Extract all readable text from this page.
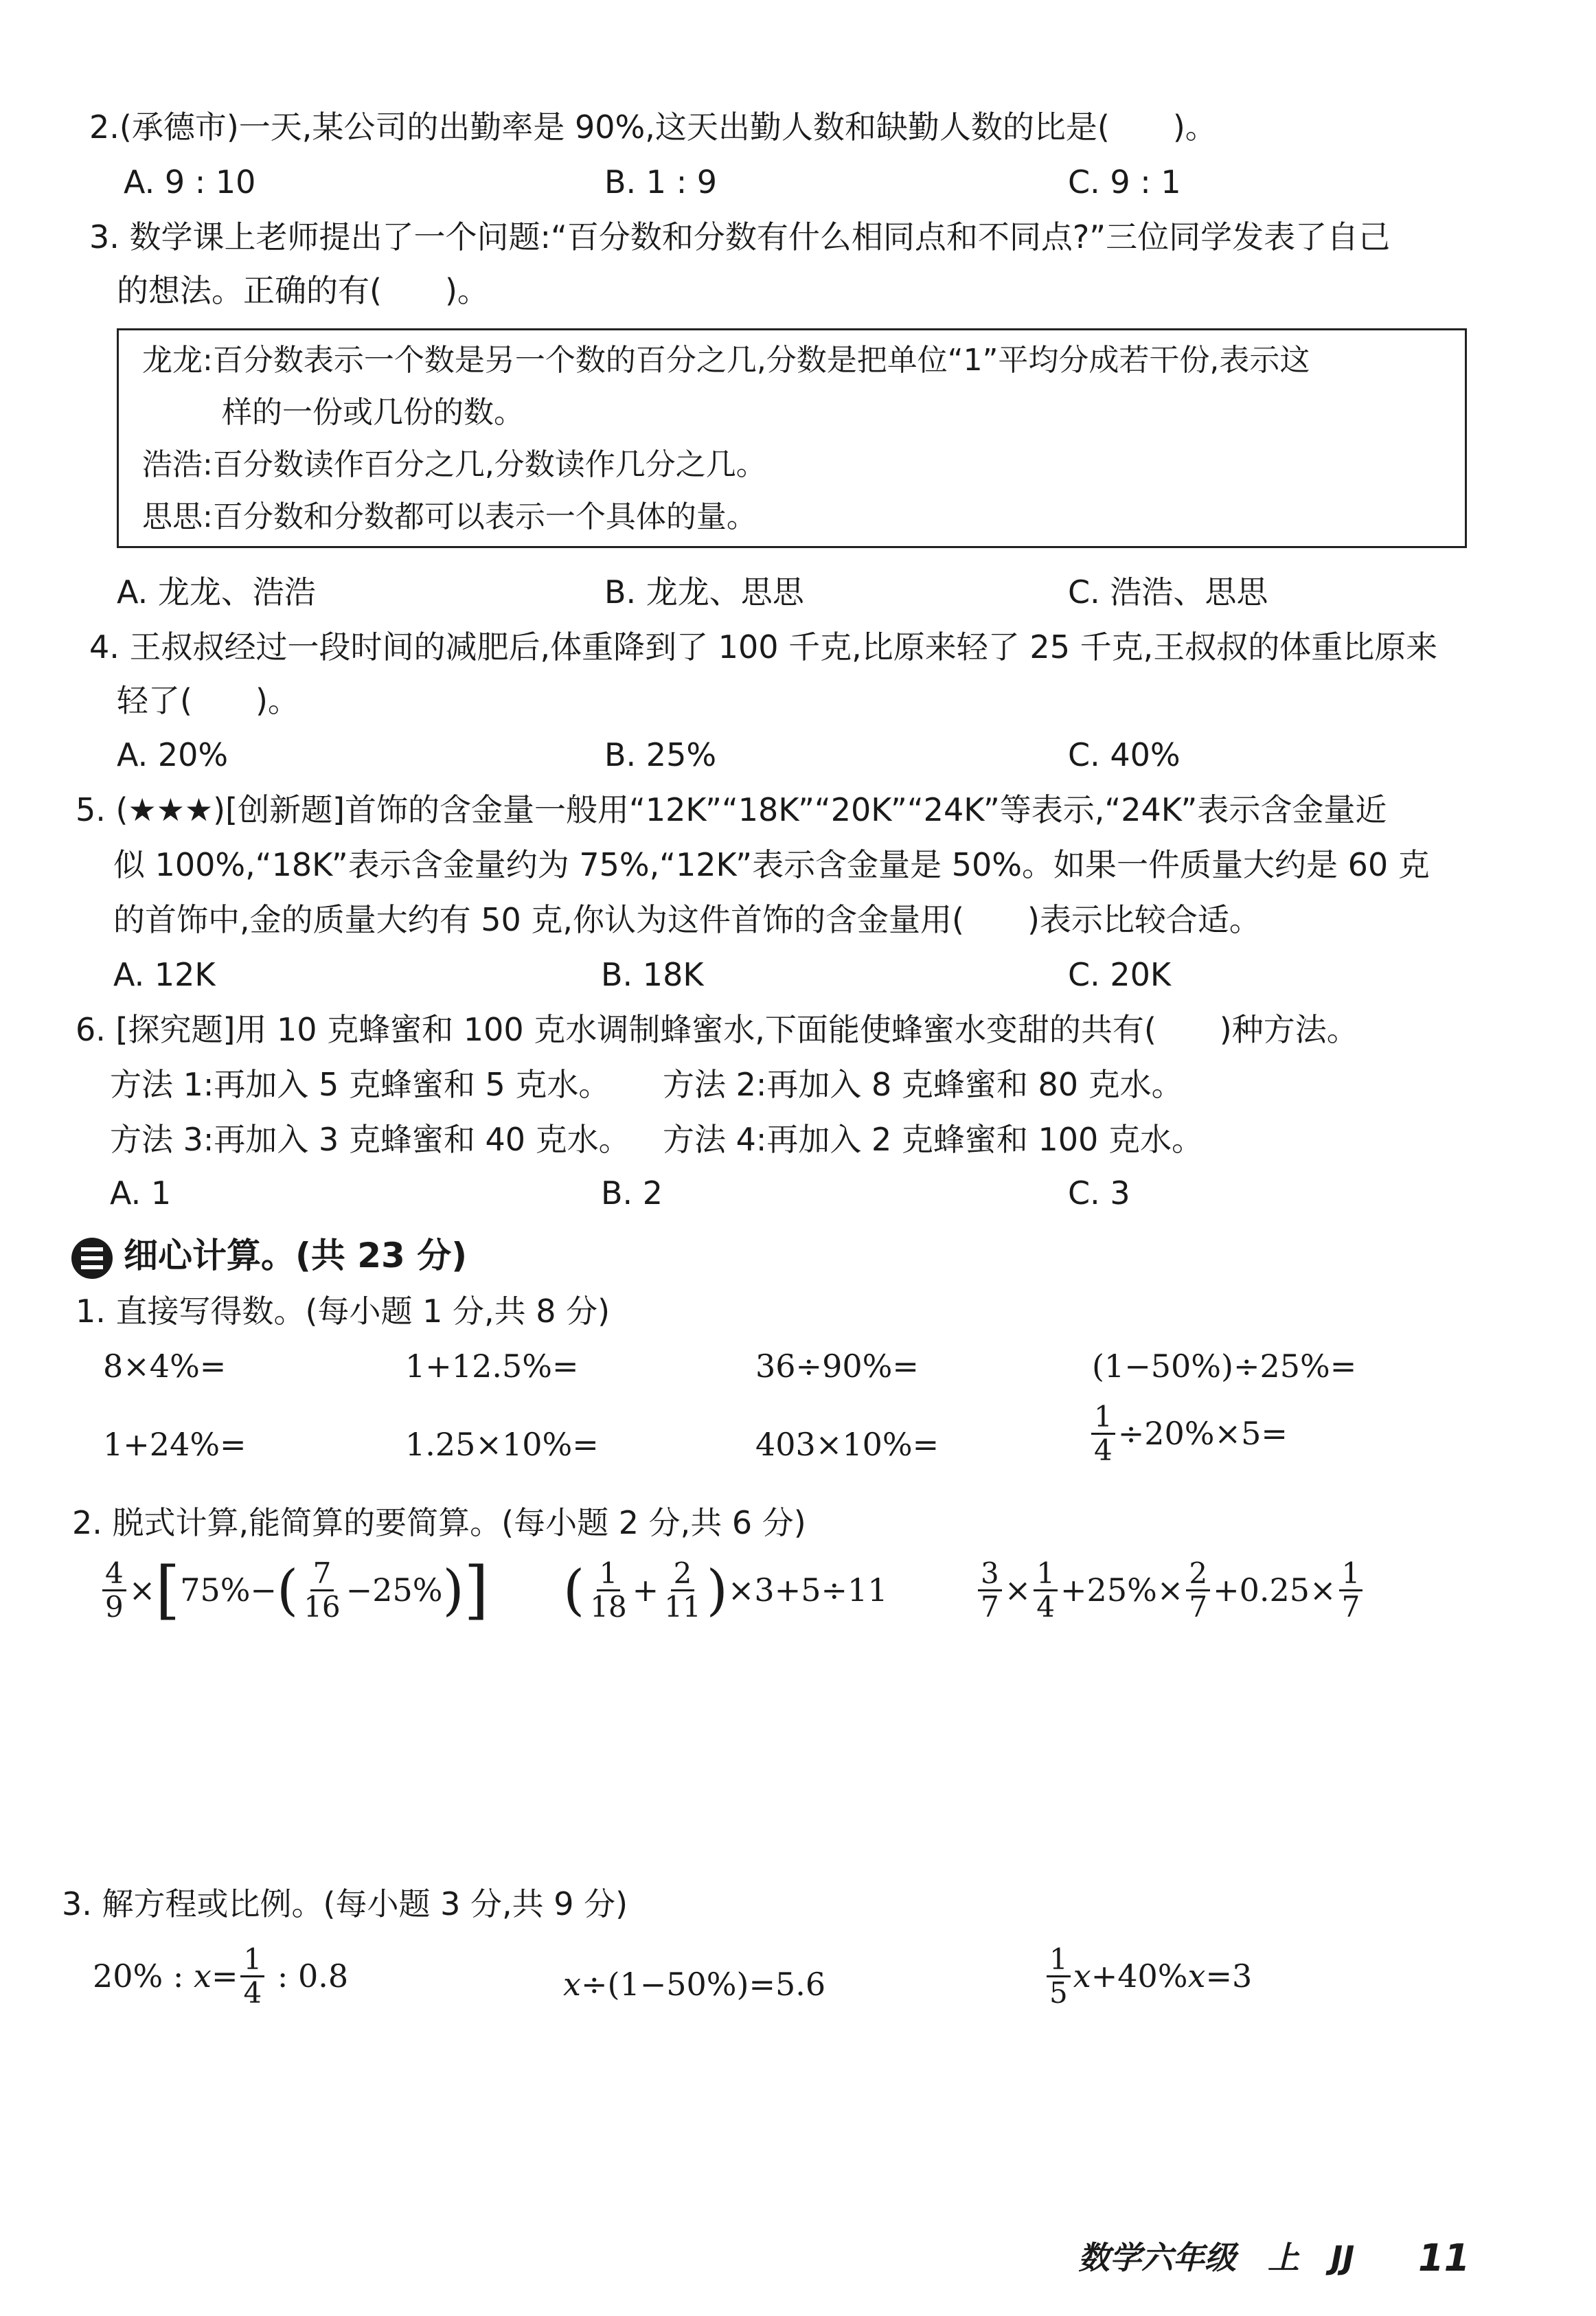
2.(承德市)一天,某公司的出勤率是 90%,这天出勤人数和缺勤人数的比是(　　)。
A. 9 : 10	B. 1 : 9	C. 9 : 1
3. 数学课上老师提出了一个问题:“百分数和分数有什么相同点和不同点?”三位同学发表了自己
的想法。正确的有(　　)。
龙龙:百分数表示一个数是另一个数的百分之几,分数是把单位“1”平均分成若干份,表示这
样的一份或几份的数。
浩浩:百分数读作百分之几,分数读作几分之几。
思思:百分数和分数都可以表示一个具体的量。
A. 龙龙、浩浩	B. 龙龙、思思	C. 浩浩、思思
4. 王叔叔经过一段时间的减肥后,体重降到了 100 千克,比原来轻了 25 千克,王叔叔的体重比原来
轻了(　　)。
A. 20%	B. 25%	C. 40%
5. (★★★)[创新题]首饰的含金量一般用“12K”“18K”“20K”“24K”等表示,“24K”表示含金量近
似 100%,“18K”表示含金量约为 75%,“12K”表示含金量是 50%。如果一件质量大约是 60 克
的首饰中,金的质量大约有 50 克,你认为这件首饰的含金量用(　　)表示比较合适。
A. 12K	B. 18K	C. 20K
6. [探究题]用 10 克蜂蜜和 100 克水调制蜂蜜水,下面能使蜂蜜水变甜的共有(　　)种方法。
方法 1:再加入 5 克蜂蜜和 5 克水。 方法 2:再加入 8 克蜂蜜和 80 克水。
方法 3:再加入 3 克蜂蜜和 40 克水。 方法 4:再加入 2 克蜂蜜和 100 克水。
A. 1	B. 2	C. 3
细心计算。(共 23 分)
1. 直接写得数。(每小题 1 分,共 8 分)
8×4%=	1+12.5%=	36÷90%=	(1−50%)÷25%=
1+24%=	1.25×10%=	403×10%=	$\frac{1}{4} \div 20\%\times 5=$
2. 脱式计算,能简算的要简算。(每小题 2 分,共 6 分)
$\frac{4}{9} \times[75\%-( \frac{7}{16} -25\%)]$ ( $\frac{1}{18} + \frac{2}{11} )\times 3+5\div 11$	$\frac{3}{7} \times \frac{1}{4} +25\%\times \frac{2}{7} +0.25\times \frac{1}{7}$
3. 解方程或比例。(每小题 3 分,共 9 分)
20% : $x= \frac{1}{4}$ : 0.8	x÷(1−50%)=5.6	$\frac{1}{5} x+40\%x=3$
数学六年级　上　JJ 11
